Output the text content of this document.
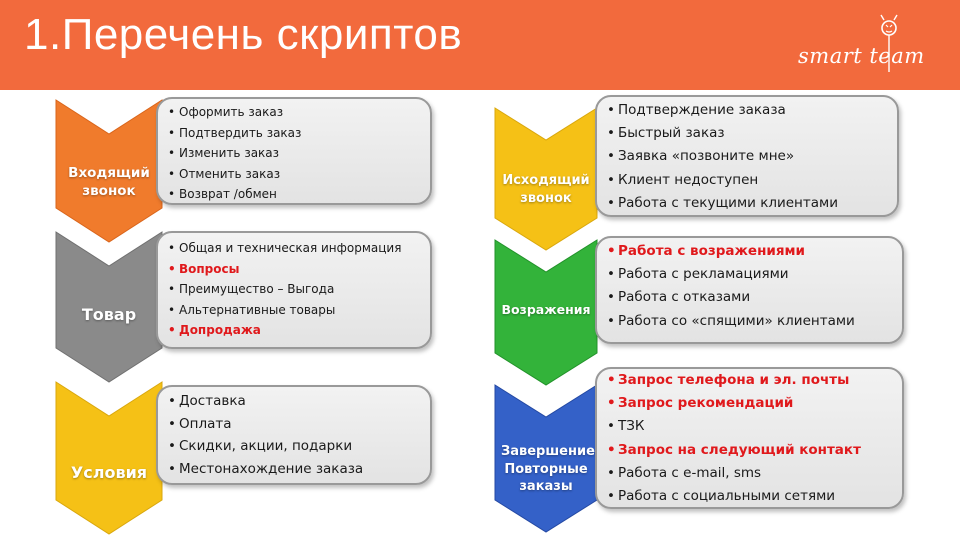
1.Перечень скриптов	smart team
Входящий звонок
• Оформить заказ
• Подтвердить заказ
• Изменить заказ
• Отменить заказ
• Возврат /обмен
Товар
• Общая и техническая информация
• Вопросы
• Преимущество – Выгода
• Альтернативные товары
• Допродажа
Условия
• Доставка
• Оплата
• Скидки, акции, подарки
• Местонахождение заказа
Исходящий звонок
• Подтверждение заказа
• Быстрый заказ
• Заявка «позвоните мне»
• Клиент недоступен
• Работа с текущими клиентами
Возражения
• Работа с возражениями
• Работа с рекламациями
• Работа с отказами
• Работа со «спящими» клиентами
Завершение Повторные заказы
• Запрос телефона и эл. почты
• Запрос рекомендаций
• ТЗК
• Запрос на следующий контакт
• Работа с e-mail, sms
• Работа с социальными сетями
